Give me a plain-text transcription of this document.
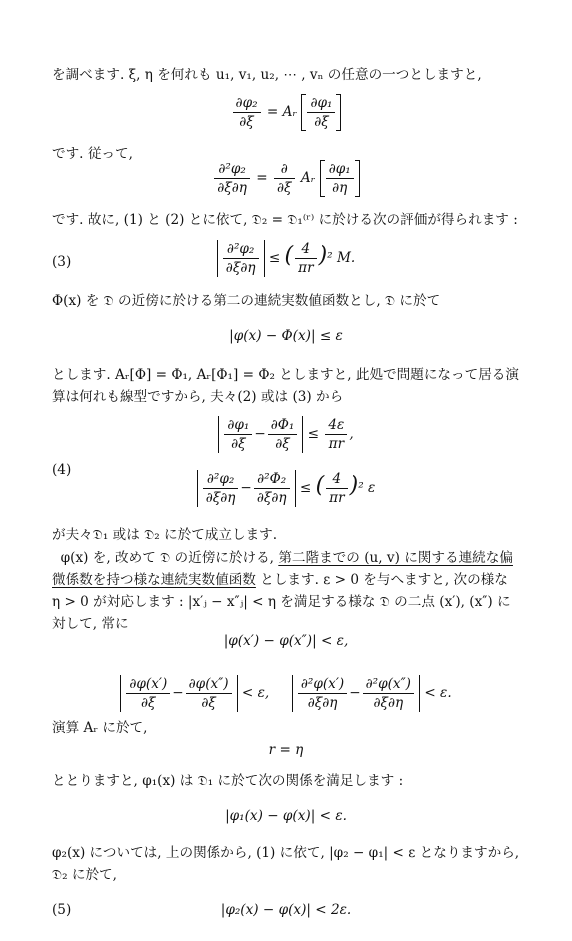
を調べます. ξ, η を何れも u₁, v₁, u₂, ⋯ , vₙ の任意の一つとしますと,
$\frac{\text{∂φ₂}}{\partial\xi}$ = Aᵣ $\frac{\text{∂φ₁}}{\partial\xi}$
です. 従って,
$\frac{\text{∂²φ₂}}{\partial\xi\partial\eta} = \frac{\partial}{\partial\xi}$ Aᵣ $\frac{\text{∂φ₁}}{\partial\eta}$
です. 故に, (1) と (2) とに依て, 𝔇₂ = 𝔇₁⁽ʳ⁾ に於ける次の評価が得られます :
(3)	$\frac{\text{∂²φ₂}}{\partial\xi\partial\eta}$ ≤ ( $\frac{4}{\pi r} )^2$ M.
Φ(x) を 𝔇 の近傍に於ける第二の連続実数値函数とし, 𝔇 に於て
|φ(x) − Φ(x)| ≤ ε
とします. Aᵣ[Φ] = Φ₁, Aᵣ[Φ₁] = Φ₂ としますと, 此処で問題になって居る演
算は何れも線型ですから, 夫々(2) 或は (3) から
(4)
$\frac{\text{∂φ₁}}{\partial\xi} - \frac{\text{∂Φ₁}}{\partial\xi} \le \frac{4\varepsilon}{\pi r}$ ,
$\frac{\text{∂²φ₂}}{\partial\xi\partial\eta} - \frac{\text{∂²Φ₂}}{\partial\xi\partial\eta}$ ≤ ( $\frac{4}{\pi r} )^2$ ε
が夫々𝔇₁ 或は 𝔇₂ に於て成立します.
φ(x) を, 改めて 𝔇 の近傍に於ける, 第二階までの (u, v) に関する連続な偏
微係数を持つ様な連続実数値函数 とします. ε > 0 を与へますと, 次の様な
η > 0 が対応します : |x′ⱼ − x″ⱼ| < η を満足する様な 𝔇 の二点 (x′), (x″) に
対して, 常に
|φ(x′) − φ(x″)| < ε,
$\frac{\partial\varphi(x')}{\partial\xi} - \frac{\partial\varphi(x'')}{\partial\xi} < \varepsilon$, $\frac{\text{∂²φ(x′)}}{\partial\xi\partial\eta} - \frac{\text{∂²φ(x″)}}{\partial\xi\partial\eta} < \varepsilon$.
演算 Aᵣ に於て,
r = η
ととりますと, φ₁(x) は 𝔇₁ に於て次の関係を満足します :
|φ₁(x) − φ(x)| < ε.
φ₂(x) については, 上の関係から, (1) に依て, |φ₂ − φ₁| < ε となりますから,
𝔇₂ に於て,
(5)	|φ₂(x) − φ(x)| < 2ε.
